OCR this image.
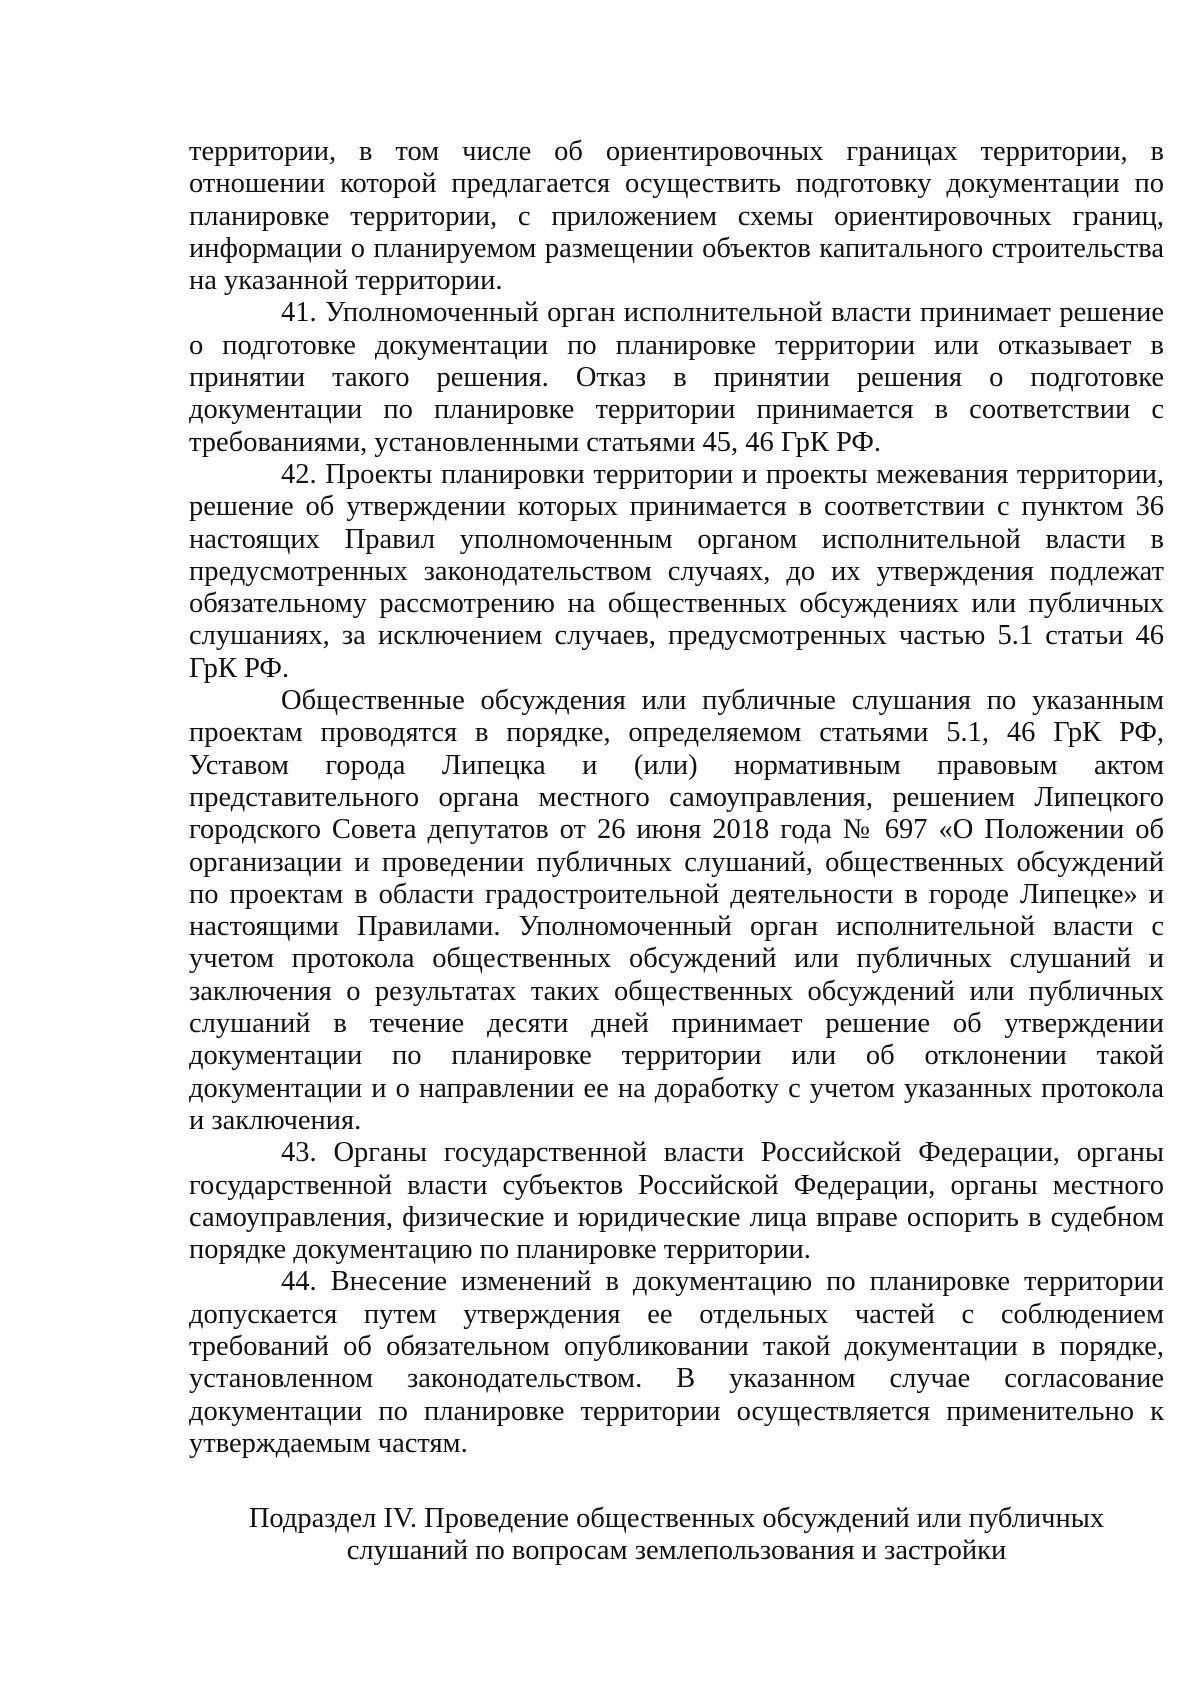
территории, в том числе об ориентировочных границах территории, в отношении которой предлагается осуществить подготовку документации по планировке территории, с приложением схемы ориентировочных границ, информации о планируемом размещении объектов капитального строительства на указанной территории.

41. Уполномоченный орган исполнительной власти принимает решение о подготовке документации по планировке территории или отказывает в принятии такого решения. Отказ в принятии решения о подготовке документации по планировке территории принимается в соответствии с требованиями, установленными статьями 45, 46 ГрК РФ.

42. Проекты планировки территории и проекты межевания территории, решение об утверждении которых принимается в соответствии с пунктом 36 настоящих Правил уполномоченным органом исполнительной власти в предусмотренных законодательством случаях, до их утверждения подлежат обязательному рассмотрению на общественных обсуждениях или публичных слушаниях, за исключением случаев, предусмотренных частью 5.1 статьи 46 ГрК РФ.

Общественные обсуждения или публичные слушания по указанным проектам проводятся в порядке, определяемом статьями 5.1, 46 ГрК РФ, Уставом города Липецка и (или) нормативным правовым актом представительного органа местного самоуправления, решением Липецкого городского Совета депутатов от 26 июня 2018 года № 697 «О Положении об организации и проведении публичных слушаний, общественных обсуждений по проектам в области градостроительной деятельности в городе Липецке» и настоящими Правилами. Уполномоченный орган исполнительной власти с учетом протокола общественных обсуждений или публичных слушаний и заключения о результатах таких общественных обсуждений или публичных слушаний в течение десяти дней принимает решение об утверждении документации по планировке территории или об отклонении такой документации и о направлении ее на доработку с учетом указанных протокола и заключения.

43. Органы государственной власти Российской Федерации, органы государственной власти субъектов Российской Федерации, органы местного самоуправления, физические и юридические лица вправе оспорить в судебном порядке документацию по планировке территории.

44. Внесение изменений в документацию по планировке территории допускается путем утверждения ее отдельных частей с соблюдением требований об обязательном опубликовании такой документации в порядке, установленном законодательством. В указанном случае согласование документации по планировке территории осуществляется применительно к утверждаемым частям.

Подраздел IV. Проведение общественных обсуждений или публичных
слушаний по вопросам землепользования и застройки
